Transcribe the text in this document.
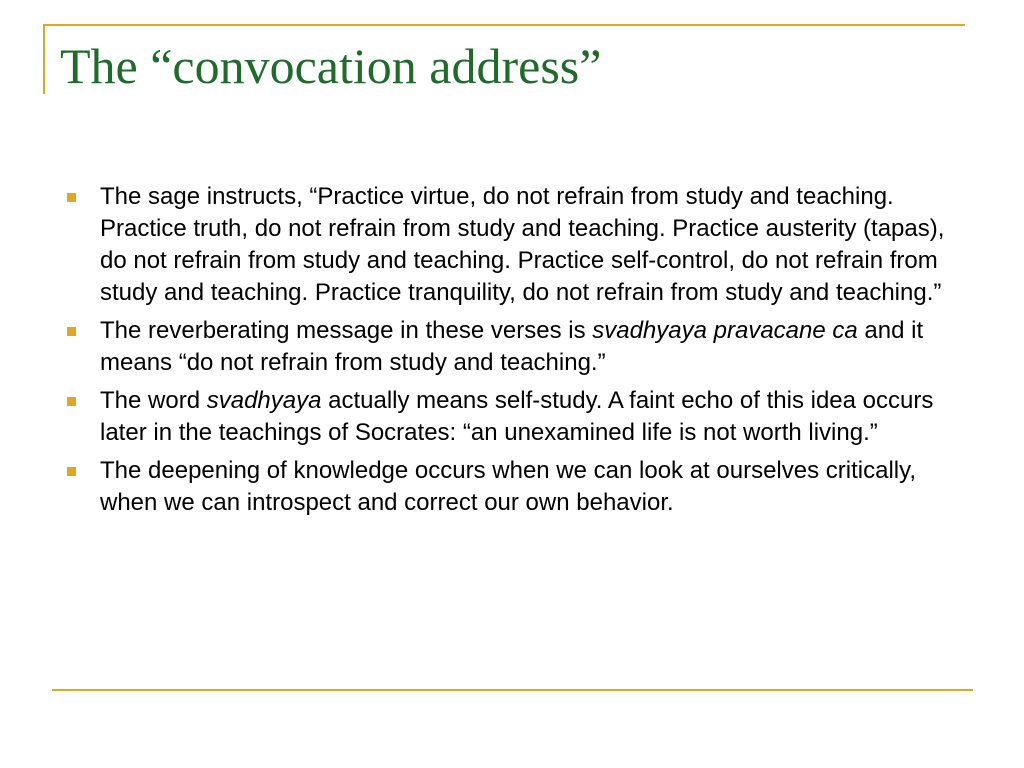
The “convocation address”
The sage instructs, “Practice virtue, do not refrain from study and teaching. Practice truth, do not refrain from study and teaching. Practice austerity (tapas), do not refrain from study and teaching. Practice self-control, do not refrain from study and teaching. Practice tranquility, do not refrain from study and teaching.”
The reverberating message in these verses is svadhyaya pravacane ca and it means “do not refrain from study and teaching.”
The word svadhyaya actually means self-study. A faint echo of this idea occurs later in the teachings of Socrates: “an unexamined life is not worth living.”
The deepening of knowledge occurs when we can look at ourselves critically, when we can introspect and correct our own behavior.
